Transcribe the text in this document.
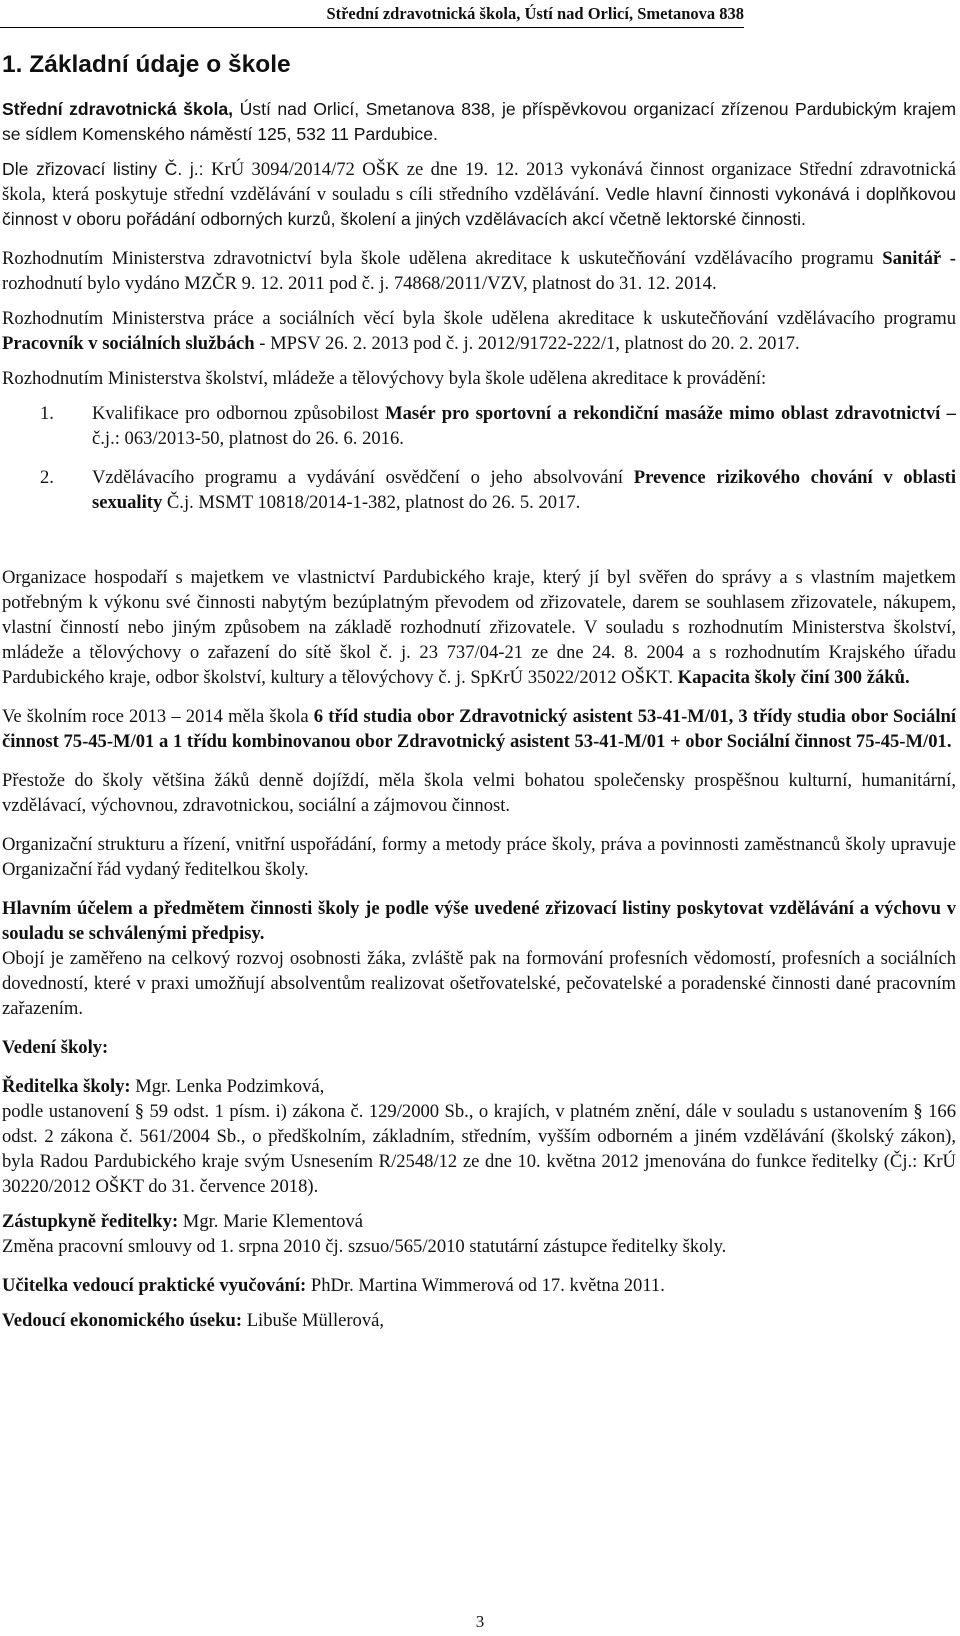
Střední zdravotnická škola, Ústí nad Orlicí, Smetanova 838
1. Základní údaje o škole

Střední zdravotnická škola, Ústí nad Orlicí, Smetanova 838, je příspěvkovou organizací zřízenou Pardubickým krajem se sídlem Komenského náměstí 125, 532 11 Pardubice.

Dle zřizovací listiny Č. j.: KrÚ 3094/2014/72 OŠK ze dne 19. 12. 2013 vykonává činnost organizace Střední zdravotnická škola, která poskytuje střední vzdělávání v souladu s cíli středního vzdělávání. Vedle hlavní činnosti vykonává i doplňkovou činnost v oboru pořádání odborných kurzů, školení a jiných vzdělávacích akcí včetně lektorské činnosti.

Rozhodnutím Ministerstva zdravotnictví byla škole udělena akreditace k uskutečňování vzdělávacího programu Sanitář - rozhodnutí bylo vydáno MZČR 9. 12. 2011 pod č. j. 74868/2011/VZV, platnost do 31. 12. 2014.

Rozhodnutím Ministerstva práce a sociálních věcí byla škole udělena akreditace k uskutečňování vzdělávacího programu Pracovník v sociálních službách - MPSV 26. 2. 2013 pod č. j. 2012/91722-222/1, platnost do 20. 2. 2017.

Rozhodnutím Ministerstva školství, mládeže a tělovýchovy byla škole udělena akreditace k provádění:

1.	Kvalifikace pro odbornou způsobilost Masér pro sportovní a rekondiční masáže mimo oblast zdravotnictví – č.j.: 063/2013-50, platnost do 26. 6. 2016.
2.	Vzdělávacího programu a vydávání osvědčení o jeho absolvování Prevence rizikového chování v oblasti sexuality Č.j. MSMT 10818/2014-1-382, platnost do 26. 5. 2017.

Organizace hospodaří s majetkem ve vlastnictví Pardubického kraje, který jí byl svěřen do správy a s vlastním majetkem potřebným k výkonu své činnosti nabytým bezúplatným převodem od zřizovatele, darem se souhlasem zřizovatele, nákupem, vlastní činností nebo jiným způsobem na základě rozhodnutí zřizovatele. V souladu s rozhodnutím Ministerstva školství, mládeže a tělovýchovy o zařazení do sítě škol č. j. 23 737/04-21 ze dne 24. 8. 2004 a s rozhodnutím Krajského úřadu Pardubického kraje, odbor školství, kultury a tělovýchovy č. j. SpKrÚ 35022/2012 OŠKT. Kapacita školy činí 300 žáků.

Ve školním roce 2013 – 2014 měla škola 6 tříd studia obor Zdravotnický asistent 53-41-M/01, 3 třídy studia obor Sociální činnost 75-45-M/01 a 1 třídu kombinovanou obor Zdravotnický asistent 53-41-M/01 + obor Sociální činnost 75-45-M/01.

Přestože do školy většina žáků denně dojíždí, měla škola velmi bohatou společensky prospěšnou kulturní, humanitární, vzdělávací, výchovnou, zdravotnickou, sociální a zájmovou činnost.

Organizační strukturu a řízení, vnitřní uspořádání, formy a metody práce školy, práva a povinnosti zaměstnanců školy upravuje Organizační řád vydaný ředitelkou školy.

Hlavním účelem a předmětem činnosti školy je podle výše uvedené zřizovací listiny poskytovat vzdělávání a výchovu v souladu se schválenými předpisy.

Obojí je zaměřeno na celkový rozvoj osobnosti žáka, zvláště pak na formování profesních vědomostí, profesních a sociálních dovedností, které v praxi umožňují absolventům realizovat ošetřovatelské, pečovatelské a poradenské činnosti dané pracovním zařazením.

Vedení školy:

Ředitelka školy: Mgr. Lenka Podzimková,

podle ustanovení § 59 odst. 1 písm. i) zákona č. 129/2000 Sb., o krajích, v platném znění, dále v souladu s ustanovením § 166 odst. 2 zákona č. 561/2004 Sb., o předškolním, základním, středním, vyšším odborném a jiném vzdělávání (školský zákon), byla Radou Pardubického kraje svým Usnesením R/2548/12 ze dne 10. května 2012 jmenována do funkce ředitelky (Čj.: KrÚ 30220/2012 OŠKT do 31. července 2018).

Zástupkyně ředitelky: Mgr. Marie Klementová

Změna pracovní smlouvy od 1. srpna 2010 čj. szsuo/565/2010 statutární zástupce ředitelky školy.

Učitelka vedoucí praktické vyučování: PhDr. Martina Wimmerová od 17. května 2011.

Vedoucí ekonomického úseku: Libuše Müllerová,

3
